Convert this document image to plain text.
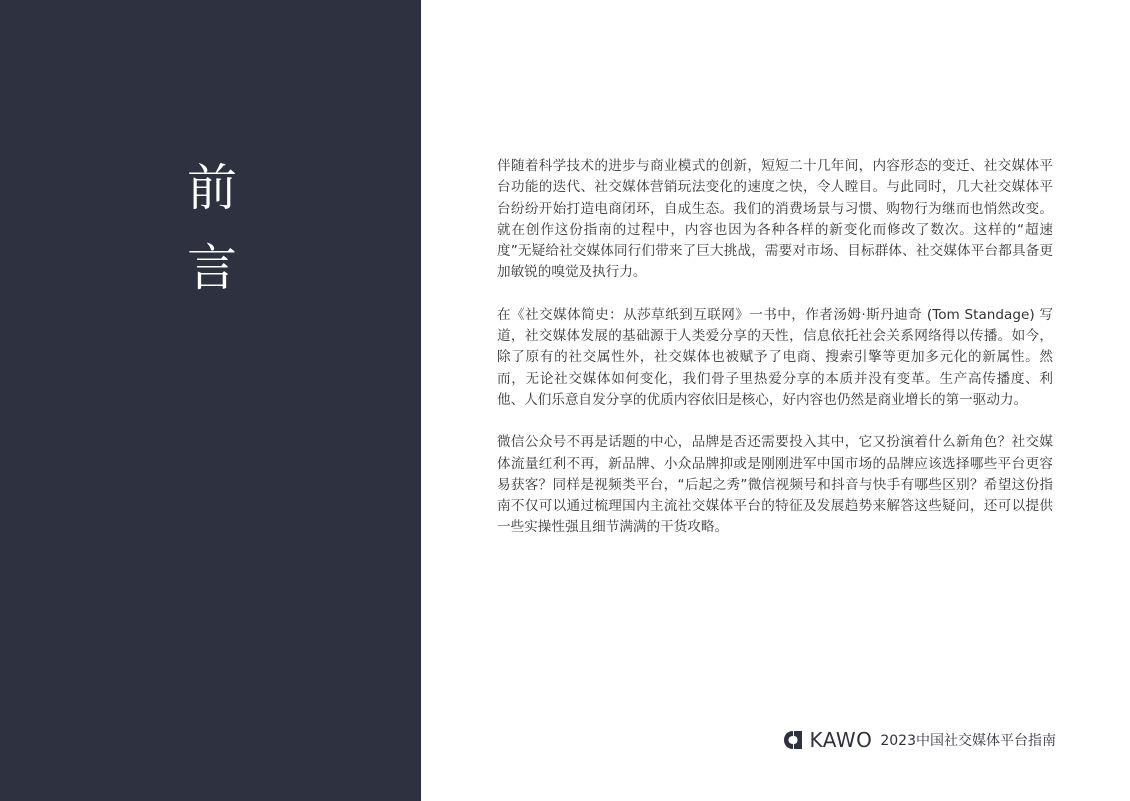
前
言

伴随着科学技术的进步与商业模式的创新，短短二十几年间，内容形态的变迁、社交媒体平台功能的迭代、社交媒体营销玩法变化的速度之快，令人瞠目。与此同时，几大社交媒体平台纷纷开始打造电商闭环，自成生态。我们的消费场景与习惯、购物行为继而也悄然改变。就在创作这份指南的过程中，内容也因为各种各样的新变化而修改了数次。这样的“超速度”无疑给社交媒体同行们带来了巨大挑战，需要对市场、目标群体、社交媒体平台都具备更加敏锐的嗅觉及执行力。

在《社交媒体简史：从莎草纸到互联网》一书中，作者汤姆·斯丹迪奇 (Tom Standage) 写道，社交媒体发展的基础源于人类爱分享的天性，信息依托社会关系网络得以传播。如今，除了原有的社交属性外，社交媒体也被赋予了电商、搜索引擎等更加多元化的新属性。然而，无论社交媒体如何变化，我们骨子里热爱分享的本质并没有变革。生产高传播度、利他、人们乐意自发分享的优质内容依旧是核心，好内容也仍然是商业增长的第一驱动力。

微信公众号不再是话题的中心，品牌是否还需要投入其中，它又扮演着什么新角色？社交媒体流量红利不再，新品牌、小众品牌抑或是刚刚进军中国市场的品牌应该选择哪些平台更容易获客？同样是视频类平台，“后起之秀”微信视频号和抖音与快手有哪些区别？希望这份指南不仅可以通过梳理国内主流社交媒体平台的特征及发展趋势来解答这些疑问，还可以提供一些实操性强且细节满满的干货攻略。

KAWO 2023中国社交媒体平台指南
